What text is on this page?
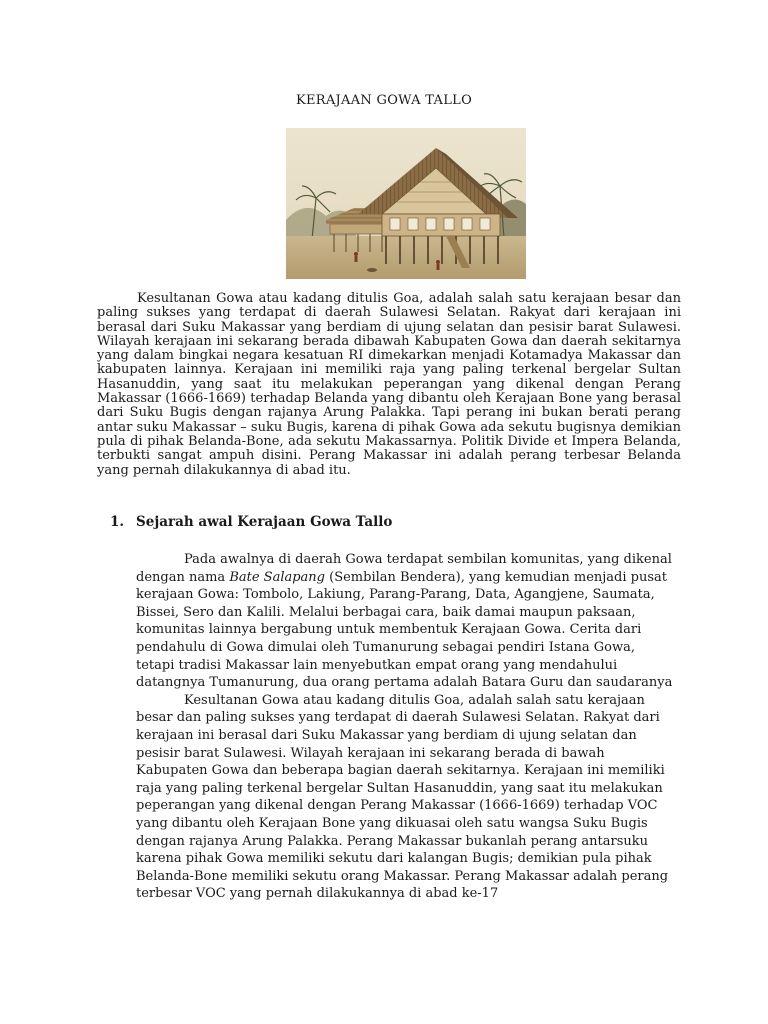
KERAJAAN GOWA TALLO

Kesultanan Gowa atau kadang ditulis Goa, adalah salah satu kerajaan besar dan paling sukses yang terdapat di daerah Sulawesi Selatan. Rakyat dari kerajaan ini berasal dari Suku Makassar yang berdiam di ujung selatan dan pesisir barat Sulawesi. Wilayah kerajaan ini sekarang berada dibawah Kabupaten Gowa dan daerah sekitarnya yang dalam bingkai negara kesatuan RI dimekarkan menjadi Kotamadya Makassar dan kabupaten lainnya. Kerajaan ini memiliki raja yang paling terkenal bergelar Sultan Hasanuddin, yang saat itu melakukan peperangan yang dikenal dengan Perang Makassar (1666-1669) terhadap Belanda yang dibantu oleh Kerajaan Bone yang berasal dari Suku Bugis dengan rajanya Arung Palakka. Tapi perang ini bukan berati perang antar suku Makassar – suku Bugis, karena di pihak Gowa ada sekutu bugisnya demikian pula di pihak Belanda-Bone, ada sekutu Makassarnya. Politik Divide et Impera Belanda, terbukti sangat ampuh disini. Perang Makassar ini adalah perang terbesar Belanda yang pernah dilakukannya di abad itu.

1. Sejarah awal Kerajaan Gowa Tallo

Pada awalnya di daerah Gowa terdapat sembilan komunitas, yang dikenal dengan nama Bate Salapang (Sembilan Bendera), yang kemudian menjadi pusat kerajaan Gowa: Tombolo, Lakiung, Parang-Parang, Data, Agangjene, Saumata, Bissei, Sero dan Kalili. Melalui berbagai cara, baik damai maupun paksaan, komunitas lainnya bergabung untuk membentuk Kerajaan Gowa. Cerita dari pendahulu di Gowa dimulai oleh Tumanurung sebagai pendiri Istana Gowa, tetapi tradisi Makassar lain menyebutkan empat orang yang mendahului datangnya Tumanurung, dua orang pertama adalah Batara Guru dan saudaranya

Kesultanan Gowa atau kadang ditulis Goa, adalah salah satu kerajaan besar dan paling sukses yang terdapat di daerah Sulawesi Selatan. Rakyat dari kerajaan ini berasal dari Suku Makassar yang berdiam di ujung selatan dan pesisir barat Sulawesi. Wilayah kerajaan ini sekarang berada di bawah Kabupaten Gowa dan beberapa bagian daerah sekitarnya. Kerajaan ini memiliki raja yang paling terkenal bergelar Sultan Hasanuddin, yang saat itu melakukan peperangan yang dikenal dengan Perang Makassar (1666-1669) terhadap VOC yang dibantu oleh Kerajaan Bone yang dikuasai oleh satu wangsa Suku Bugis dengan rajanya Arung Palakka. Perang Makassar bukanlah perang antarsuku karena pihak Gowa memiliki sekutu dari kalangan Bugis; demikian pula pihak Belanda-Bone memiliki sekutu orang Makassar. Perang Makassar adalah perang terbesar VOC yang pernah dilakukannya di abad ke-17
